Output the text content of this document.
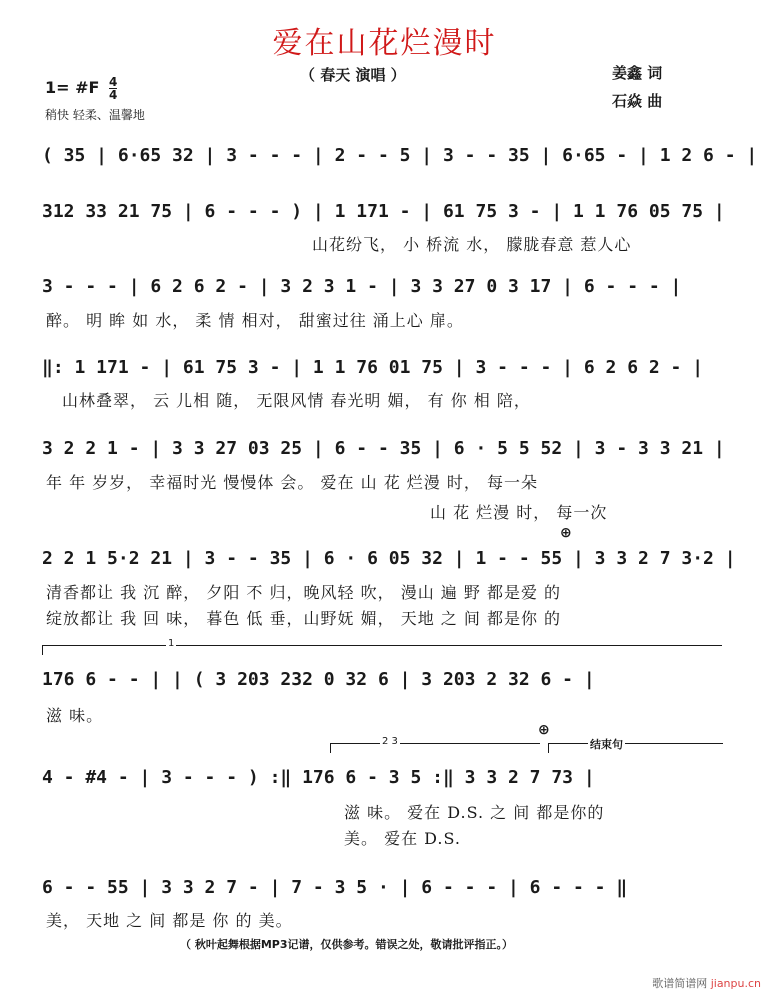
爱在山花烂漫时
（ 春天 演唱 ）	姜鑫 词
石焱 曲
1= #F $\frac{4}{4}$
稍快 轻柔、温馨地
( 35 | 6·65 32 | 3 - - - | 2 - - 5 | 3 - - 35 | 6·65 - | 1 2 6 - |
312 33 21 75 | 6 - - - ) | 1 171 - | 61 75 3 - | 1 1 76 05 75 |
山花纷飞， 小 桥流 水， 朦胧春意 惹人心
3 - - - | 6 2 6 2 - | 3 2 3 1 - | 3 3 27 0 3 17 | 6 - - - |
醉。 明 眸 如 水， 柔 情 相对， 甜蜜过往 涌上心 扉。
‖: 1 171 - | 61 75 3 - | 1 1 76 01 75 | 3 - - - | 6 2 6 2 - |
山林叠翠， 云 儿相 随， 无限风情 春光明 媚， 有 你 相 陪，
3 2 2 1 - | 3 3 27 03 25 | 6 - - 35 | 6 · 5 5 52 | 3 - 3 3 21 |
年 年 岁岁， 幸福时光 慢慢体 会。 爱在 山 花 烂漫 时， 每一朵
山 花 烂漫 时， 每一次
⊕
2 2 1 5·2 21 | 3 - - 35 | 6 · 6 05 32 | 1 - - 55 | 3 3 2 7 3·2 |
清香都让 我 沉 醉， 夕阳 不 归，晚风轻 吹， 漫山 遍 野 都是爱 的
绽放都让 我 回 味， 暮色 低 垂，山野妩 媚， 天地 之 间 都是你 的
1
176 6 - - | | ( 3 203 232 0 32 6 | 3 203 2 32 6 - |
滋 味。
⊕
2 3	结束句
4 - #4 - | 3 - - - ) :‖ 176 6 - 3 5 :‖ 3 3 2 7 73 |
滋 味。 爱在 D.S. 之 间 都是你的
美。 爱在 D.S.
6 - - 55 | 3 3 2 7 - | 7 - 3 5 · | 6 - - - | 6 - - - ‖
美， 天地 之 间 都是 你 的 美。
（ 秋叶起舞根据MP3记谱，仅供参考。错误之处，敬请批评指正。）
歌谱简谱网 jianpu.cn
